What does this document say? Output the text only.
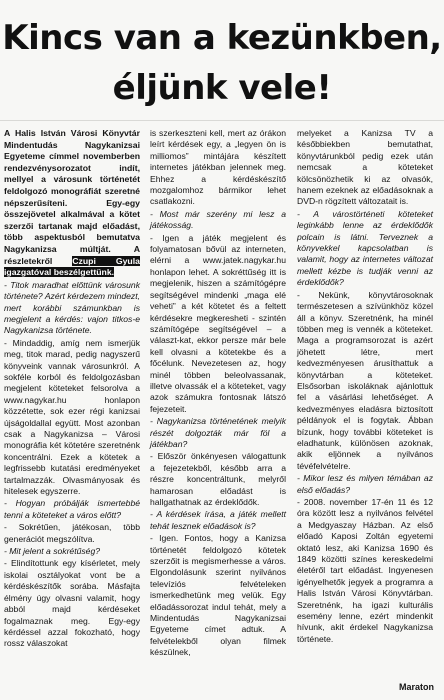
Kincs van a kezünkben,
éljünk vele!

A Halis István Városi Könyvtár Mindentudás Nagykanizsai Egyeteme címmel novemberben rendezvénysorozatot indít, mellyel a városunk történetét feldolgozó monográfiát szeretné népszerűsíteni. Egy-egy összejövetel alkalmával a kötet szerzői tartanak majd előadást, több aspektusból bemutatva Nagykanizsa múltját. A részletekről Czupi Gyula igazgatóval beszélgettünk.

- Titok maradhat előttünk városunk története? Azért kérdezem mindezt, mert korábbi számunkban is megjelent a kérdés: vajon titkos-e Nagykanizsa története.

- Mindaddig, amíg nem ismerjük meg, titok marad, pedig nagyszerű könyveink vannak városunkról. A sokféle korból és feldolgozásban megjelent köteteket felsorolva a www.nagykar.hu honlapon közzétette, sok ezer régi kanizsai újságoldallal együtt. Most azonban csak a Nagykanizsa – Városi monográfia két kötetére szeretnénk koncentrálni. Ezek a kötetek a legfrissebb kutatási eredményeket tartalmazzák. Olvasmányosak és hitelesek egyszerre.

- Hogyan próbálják ismertebbé tenni a köteteket a város előtt?

- Sokrétűen, játékosan, több generációt megszólítva.

- Mit jelent a sokrétűség?

- Elindítottunk egy kísérletet, mely iskolai osztályokat vont be a kérdéskészítők sorába. Másfajta élmény úgy olvasni valamit, hogy abból majd kérdéseket fogalmaznak meg. Egy-egy kérdéssel azzal fokozható, hogy rossz válaszokat

is szerkeszteni kell, mert az órákon leírt kérdések egy, a „legyen ön is milliomos” mintájára készített internetes játékban jelennek meg. Ehhez a kérdéskészítő mozgalomhoz bármikor lehet csatlakozni.

- Most már szerény mi lesz a játékosság.

- Igen a játék megjelent és folyamatosan bővül az interneten, elérni a www.jatek.nagykar.hu honlapon lehet. A sokréttűség itt is megjelenik, hiszen a számítógépre segítségével mindenki „maga elé veheti” a két kötetet és a feltett kérdésekre megkeresheti - szintén számítógépe segítségével – a választ-kat, ekkor persze már bele kell olvasni a kötetekbe és a főcélunk. Nevezetesen az, hogy minél többen beleolvassanak, illetve olvassák el a köteteket, vagy azok számukra fontosnak látszó fejezeteit.

- Nagykanizsa történetének melyik részét dolgozták már föl a játékban?

- Először önkényesen válogattunk a fejezetekből, később arra a részre koncentráltunk, melyről hamarosan előadást is hallgathatnak az érdeklődők.

- A kérdések írása, a játék mellett tehát lesznek előadások is?

- Igen. Fontos, hogy a Kanizsa történetét feldolgozó kötetek szerzőit is megismerhesse a város. Elgondolásunk szerint nyilvános televíziós felvételeken ismerkedhetünk meg velük. Egy előadássorozat indul tehát, mely a Mindentudás Nagykanizsai Egyeteme címet adtuk. A felvételekből olyan filmek készülnek,

melyeket a Kanizsa TV a későbbiekben bemutathat, könyvtárunkból pedig ezek után nemcsak a köteteket kölcsönözhetik ki az olvasók, hanem ezeknek az előadásoknak a DVD-n rögzített változatait is.

- A várostörténeti köteteket leginkább lenne az érdeklődők polcain is látni. Terveznek a könyvekkel kapcsolatban is valamit, hogy az internetes változat mellett kézbe is tudják venni az érdeklődők?

- Nekünk, könyvtárosoknak természetesen a szívünkhöz közel áll a könyv. Szeretnénk, ha minél többen meg is vennék a köteteket. Maga a programsorozat is azért jöhetett létre, mert kedvezményesen árusíthattuk a könyvtárban a köteteket. Elsősorban iskoláknak ajánlottuk fel a vásárlási lehetőséget. A kedvezményes eladásra biztosított példányok el is fogytak. Ábban bízunk, hogy további köteteket is eladhatunk, különösen azoknak, akik eljönnek a nyilvános tévéfelvételre.

- Mikor lesz és milyen témában az első előadás?

- 2008. november 17-én 11 és 12 óra között lesz a nyilvános felvétel a Medgyaszay Házban. Az első előadó Kaposi Zoltán egyetemi oktató lesz, aki Kanizsa 1690 és 1849 közötti színes kereskedelmi életéről tart előadást. Ingyenesen igényelhetők jegyek a programra a Halis István Városi Könyvtárban. Szeretnénk, ha igazi kulturális esemény lenne, ezért mindenkit hívunk, akit érdekel Nagykanizsa története.

Maraton
